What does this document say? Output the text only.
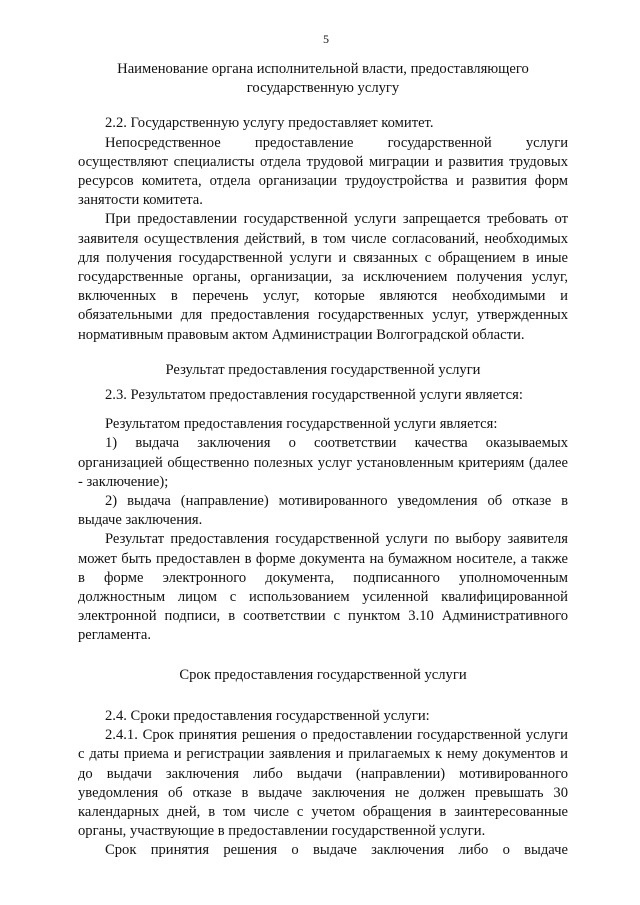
5
Наименование органа исполнительной власти, предоставляющего
государственную услугу
2.2. Государственную услугу предоставляет комитет.
Непосредственное предоставление государственной услуги осуществляют специалисты отдела трудовой миграции и развития трудовых ресурсов комитета, отдела организации трудоустройства и развития форм занятости комитета.
При предоставлении государственной услуги запрещается требовать от заявителя осуществления действий, в том числе согласований, необходимых для получения государственной услуги и связанных с обращением в иные государственные органы, организации, за исключением получения услуг, включенных в перечень услуг, которые являются необходимыми и обязательными для предоставления государственных услуг, утвержденных нормативным правовым актом Администрации Волгоградской области.
Результат предоставления государственной услуги
2.3. Результатом предоставления государственной услуги является:
Результатом предоставления государственной услуги является:
1) выдача заключения о соответствии качества оказываемых организацией общественно полезных услуг установленным критериям (далее - заключение);
2) выдача (направление) мотивированного уведомления об отказе в выдаче заключения.
Результат предоставления государственной услуги по выбору заявителя может быть предоставлен в форме документа на бумажном носителе, а также в форме электронного документа, подписанного уполномоченным должностным лицом с использованием усиленной квалифицированной электронной подписи, в соответствии с пунктом 3.10 Административного регламента.
Срок предоставления государственной услуги
2.4. Сроки предоставления государственной услуги:
2.4.1. Срок принятия решения о предоставлении государственной услуги с даты приема и регистрации заявления и прилагаемых к нему документов и до выдачи заключения либо выдачи (направлении) мотивированного уведомления об отказе в выдаче заключения не должен превышать 30 календарных дней, в том числе с учетом обращения в заинтересованные органы, участвующие в предоставлении государственной услуги.
Срок принятия решения о выдаче заключения либо о выдаче
